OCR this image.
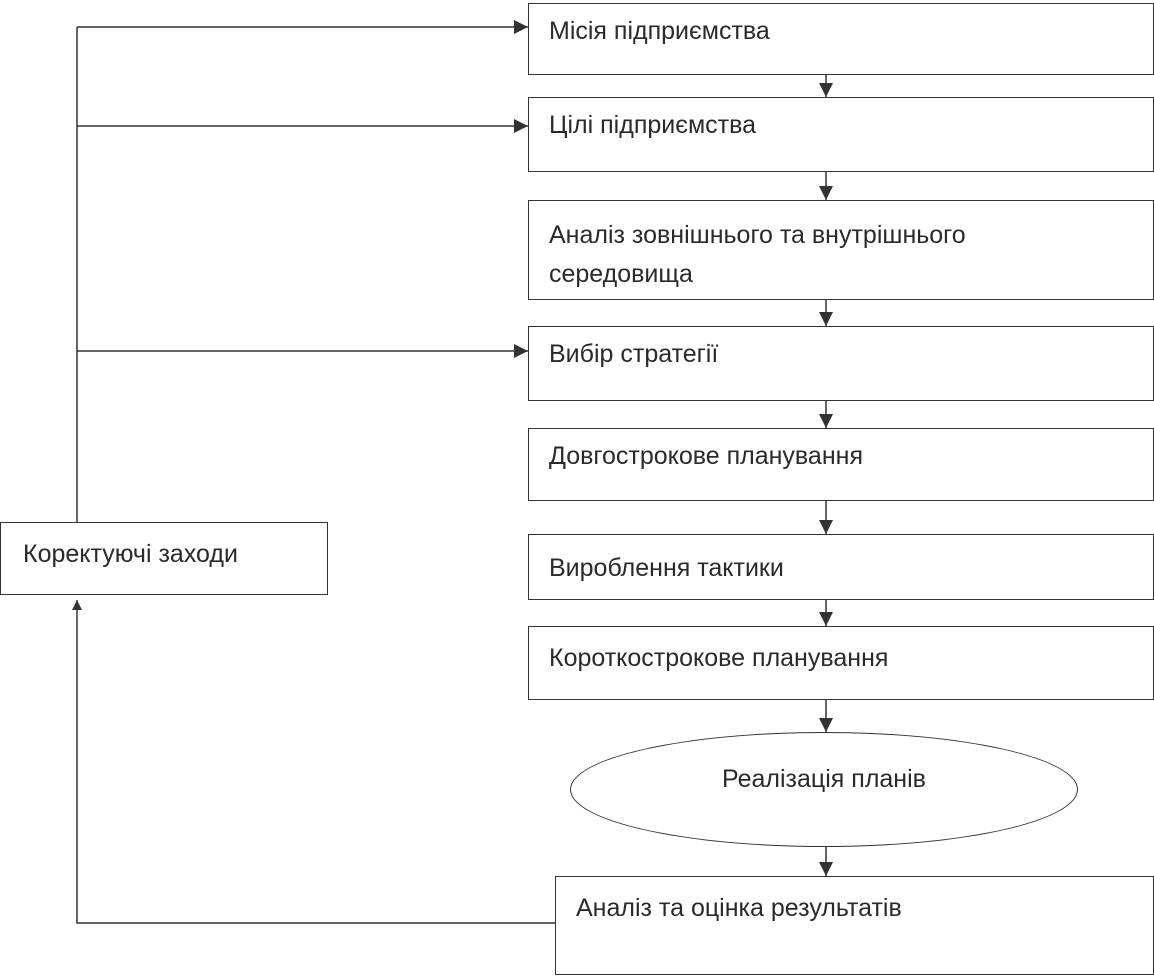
Місія підприємства
Цілі підприємства
Аналіз зовнішнього та внутрішнього середовища
Вибір стратегії
Довгострокове планування
Вироблення тактики
Короткострокове планування
Реалізація планів
Аналіз та оцінка результатів
Коректуючі заходи
